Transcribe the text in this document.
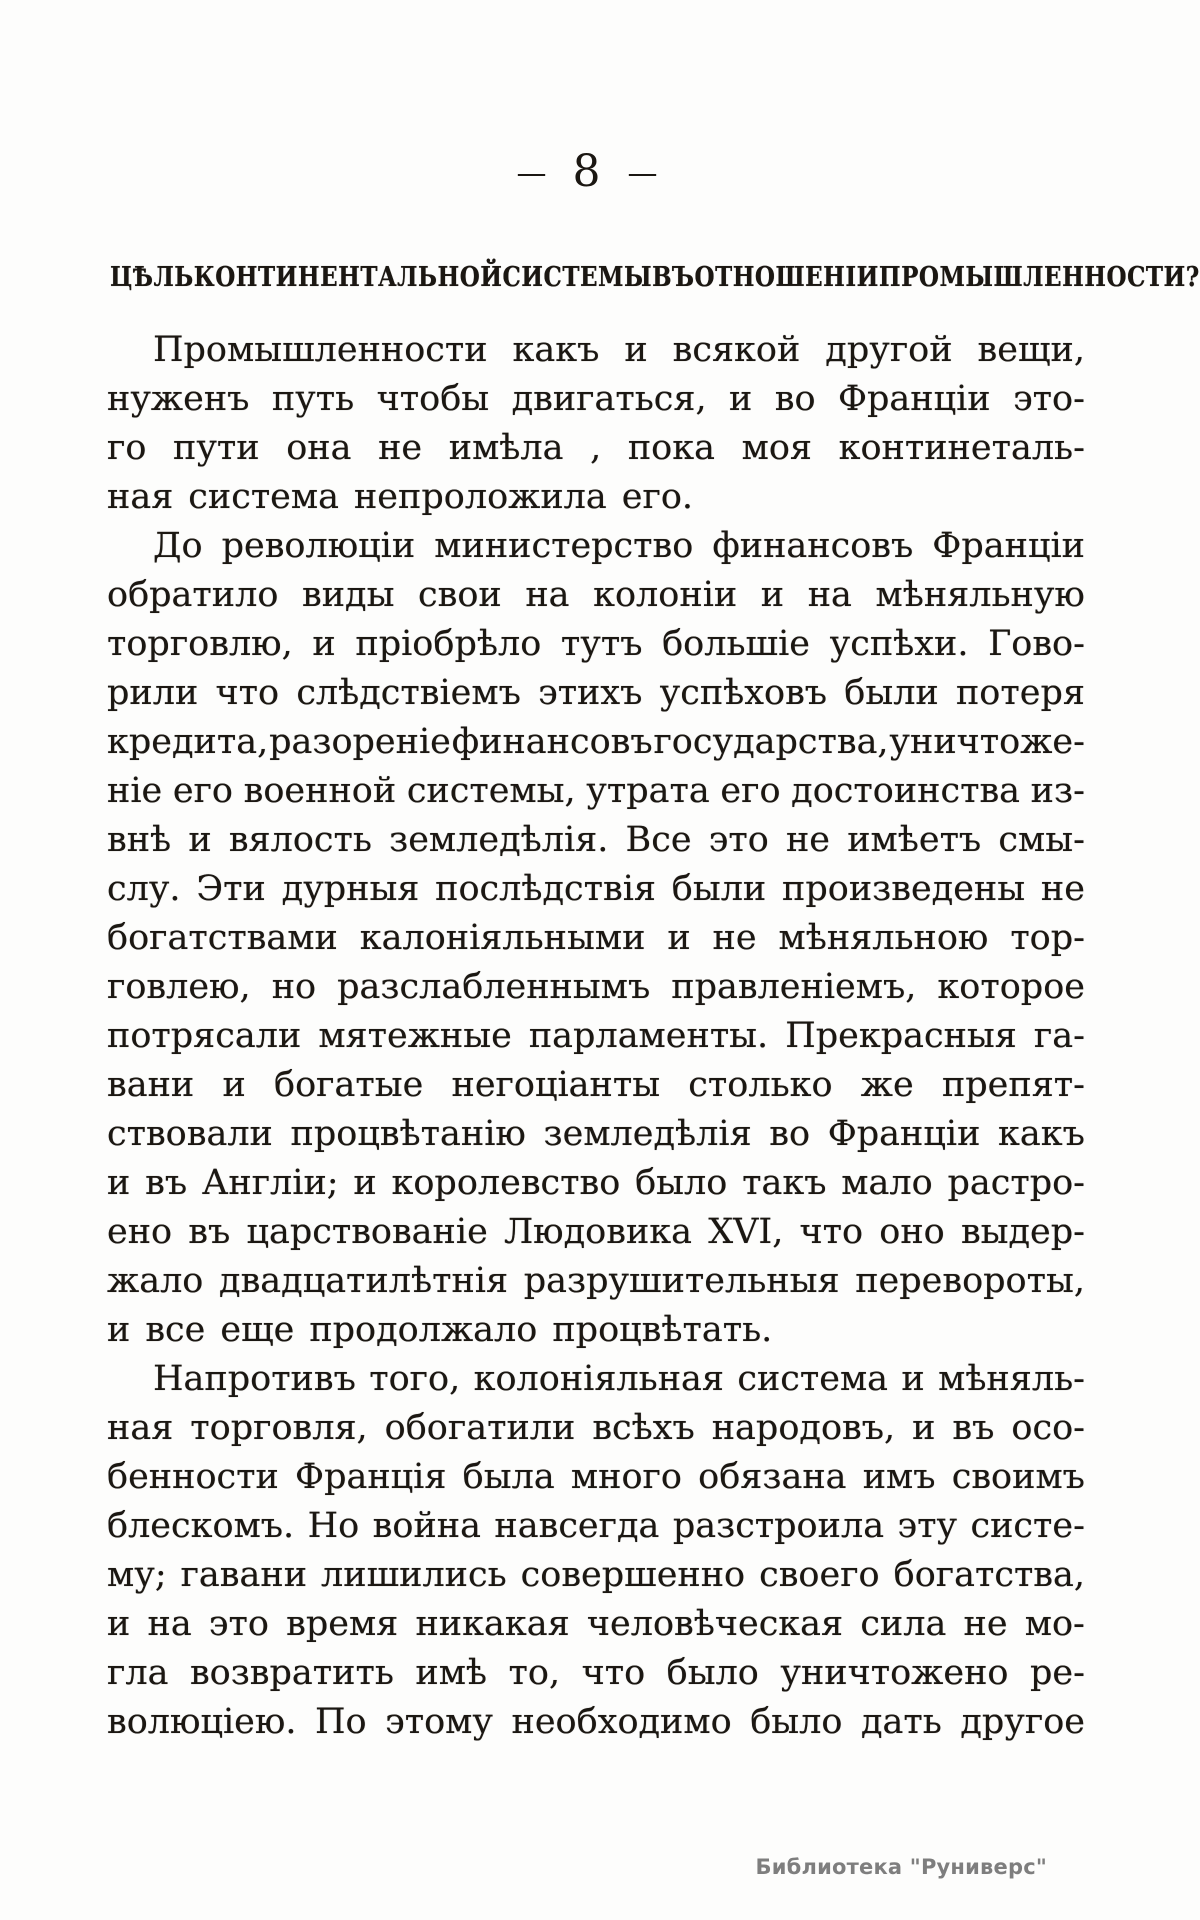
— 8 —
ЦѢЛЬ КОНТИНЕНТАЛЬНОЙ СИСТЕМЫ ВЪ ОТНОШЕНІИ ПРОМЫШЛЕННОСТИ?
Промышленности какъ и всякой другой вещи,
нуженъ путь чтобы двигаться, и во Франціи это-
го пути она не имѣла , пока моя континеталь-
ная система непроложила его.
До революціи министерство финансовъ Франціи
обратило виды свои на колоніи и на мѣняльную
торговлю, и пріобрѣло тутъ большіе успѣхи. Гово-
рили что слѣдствіемъ этихъ успѣховъ были потеря
кредита, разореніе финансовъ государства, уничтоже-
ніе его военной системы, утрата его достоинства из-
внѣ и вялость земледѣлія. Все это не имѣетъ смы-
слу. Эти дурныя послѣдствія были произведены не
богатствами калоніяльными и не мѣняльною тор-
говлею, но разслабленнымъ правленіемъ, которое
потрясали мятежные парламенты. Прекрасныя га-
вани и богатые негоціанты столько же препят-
ствовали процвѣтанію земледѣлія во Франціи какъ
и въ Англіи; и королевство было такъ мало растро-
ено въ царствованіе Людовика XVI, что оно выдер-
жало двадцатилѣтнія разрушительныя перевороты,
и все еще продолжало процвѣтать.
Напротивъ того, колоніяльная система и мѣняль-
ная торговля, обогатили всѣхъ народовъ, и въ осо-
бенности Франція была много обязана имъ своимъ
блескомъ. Но война навсегда разстроила эту систе-
му; гавани лишились совершенно своего богатства,
и на это время никакая человѣческая сила не мо-
гла возвратить имѣ то, что было уничтожено ре-
волюціею. По этому необходимо было дать другое
Библиотека "Руниверс"
